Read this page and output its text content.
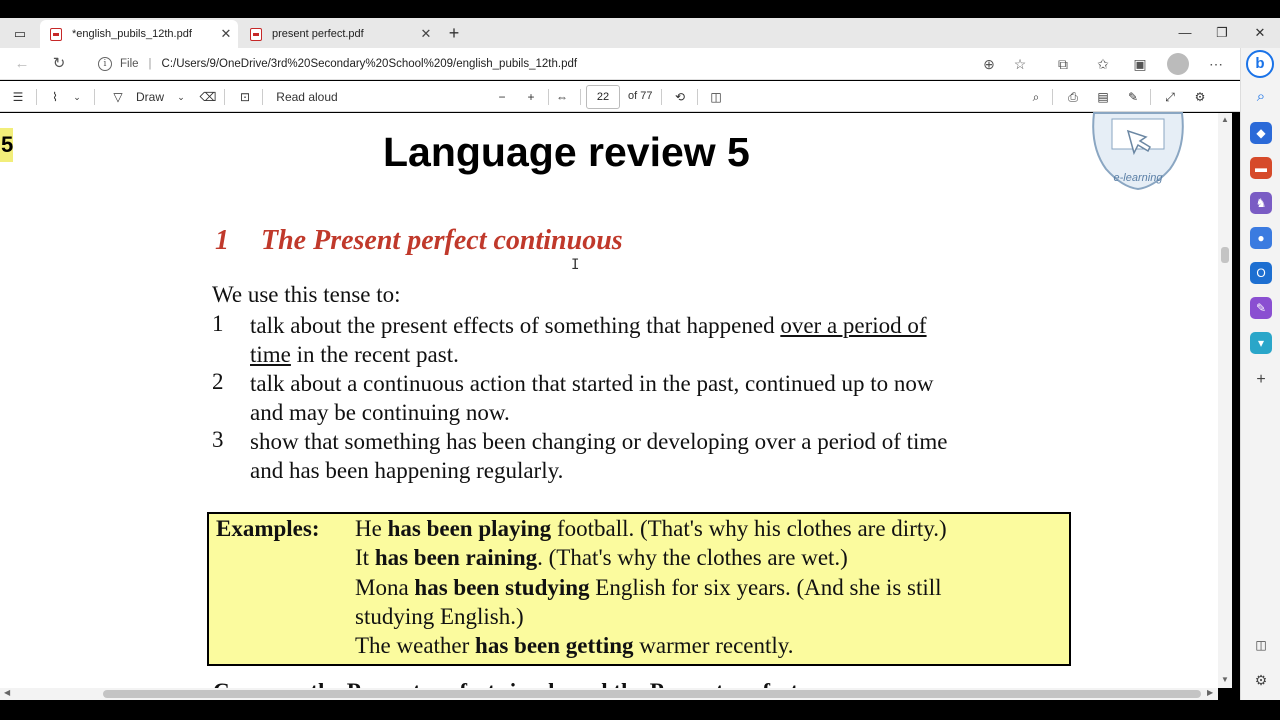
▭	*english_pubils_12th.pdf	✕	present perfect.pdf	✕ +	—	❐	✕
←	↻	i	File | C:/Users/9/OneDrive/3rd%20Secondary%20School%209/english_pubils_12th.pdf	⊕	☆	⧉	✩	▣	⋯
☰	⌇	⌄	▽	Draw	⌄ ⌫	⊡	Read aloud	−	+	⇔	22	of 77	⟲	◫	⌕	⎙	▤	✎	⤢	⚙	⌕
◆
▬
♞
●
O
✎
▾
+
◫
⚙
b
5	Language review 5
e-learning
1 The Present perfect continuous
I
We use this tense to:
1 talk about the present effects of something that happened over a period of
time in the recent past.
2 talk about a continuous action that started in the past, continued up to now
and may be continuing now.
3 show that something has been changing or developing over a period of time
and has been happening regularly.
Examples: He has been playing football. (That's why his clothes are dirty.)
It has been raining. (That's why the clothes are wet.)
Mona has been studying English for six years. (And she is still
studying English.)
The weather has been getting warmer recently.
▲
▼
◀	▶
